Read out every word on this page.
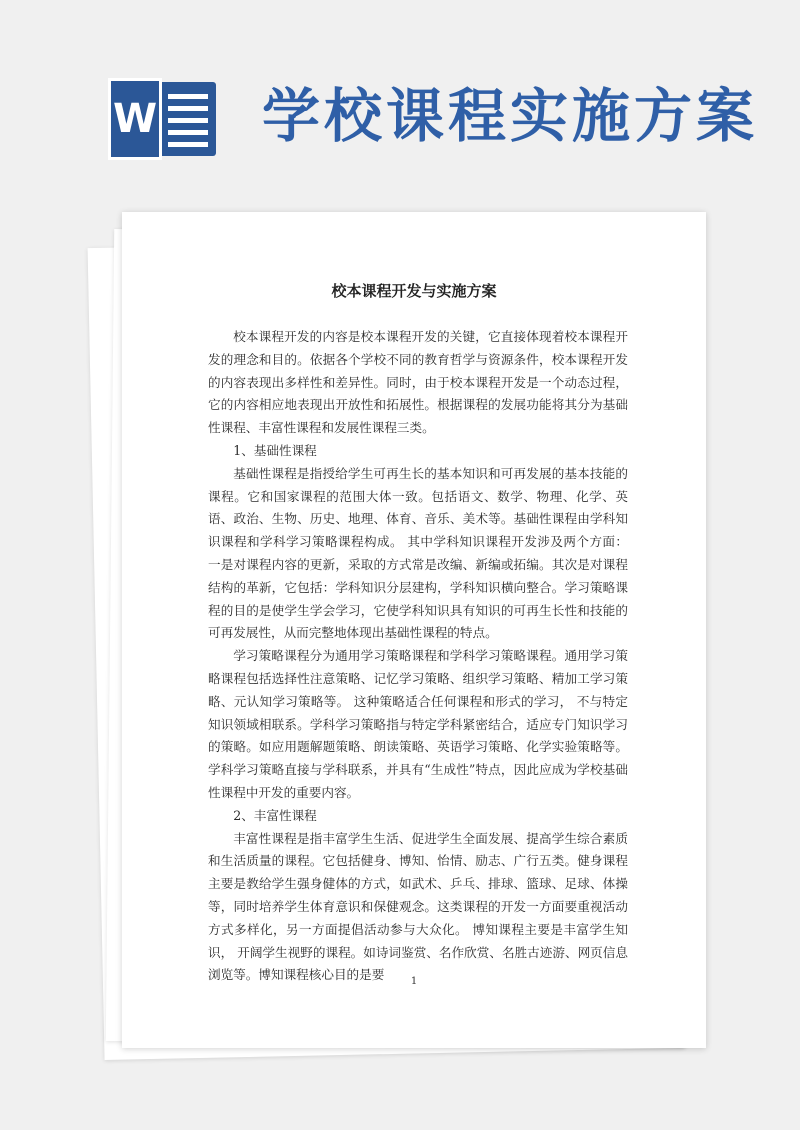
W 学校课程实施方案
校本课程开发与实施方案

校本课程开发的内容是校本课程开发的关键，它直接体现着校本课程开发的理念和目的。依据各个学校不同的教育哲学与资源条件，校本课程开发的内容表现出多样性和差异性。同时，由于校本课程开发是一个动态过程，它的内容相应地表现出开放性和拓展性。根据课程的发展功能将其分为基础性课程、丰富性课程和发展性课程三类。

1、基础性课程

基础性课程是指授给学生可再生长的基本知识和可再发展的基本技能的课程。它和国家课程的范围大体一致。包括语文、数学、物理、化学、英语、政治、生物、历史、地理、体育、音乐、美术等。基础性课程由学科知识课程和学科学习策略课程构成。 其中学科知识课程开发涉及两个方面： 一是对课程内容的更新，采取的方式常是改编、新编或拓编。其次是对课程结构的革新，它包括：学科知识分层建构，学科知识横向整合。学习策略课程的目的是使学生学会学习，它使学科知识具有知识的可再生长性和技能的可再发展性，从而完整地体现出基础性课程的特点。

学习策略课程分为通用学习策略课程和学科学习策略课程。通用学习策略课程包括选择性注意策略、记忆学习策略、组织学习策略、精加工学习策略、元认知学习策略等。 这种策略适合任何课程和形式的学习， 不与特定知识领域相联系。学科学习策略指与特定学科紧密结合，适应专门知识学习的策略。如应用题解题策略、朗读策略、英语学习策略、化学实验策略等。学科学习策略直接与学科联系，并具有“生成性”特点，因此应成为学校基础性课程中开发的重要内容。

2、丰富性课程

丰富性课程是指丰富学生生活、促进学生全面发展、提高学生综合素质和生活质量的课程。它包括健身、博知、怡情、励志、广行五类。健身课程主要是教给学生强身健体的方式，如武术、乒乓、排球、篮球、足球、体操等，同时培养学生体育意识和保健观念。这类课程的开发一方面要重视活动方式多样化，另一方面提倡活动参与大众化。 博知课程主要是丰富学生知识， 开阔学生视野的课程。如诗词鉴赏、名作欣赏、名胜古迹游、网页信息浏览等。博知课程核心目的是要	1
